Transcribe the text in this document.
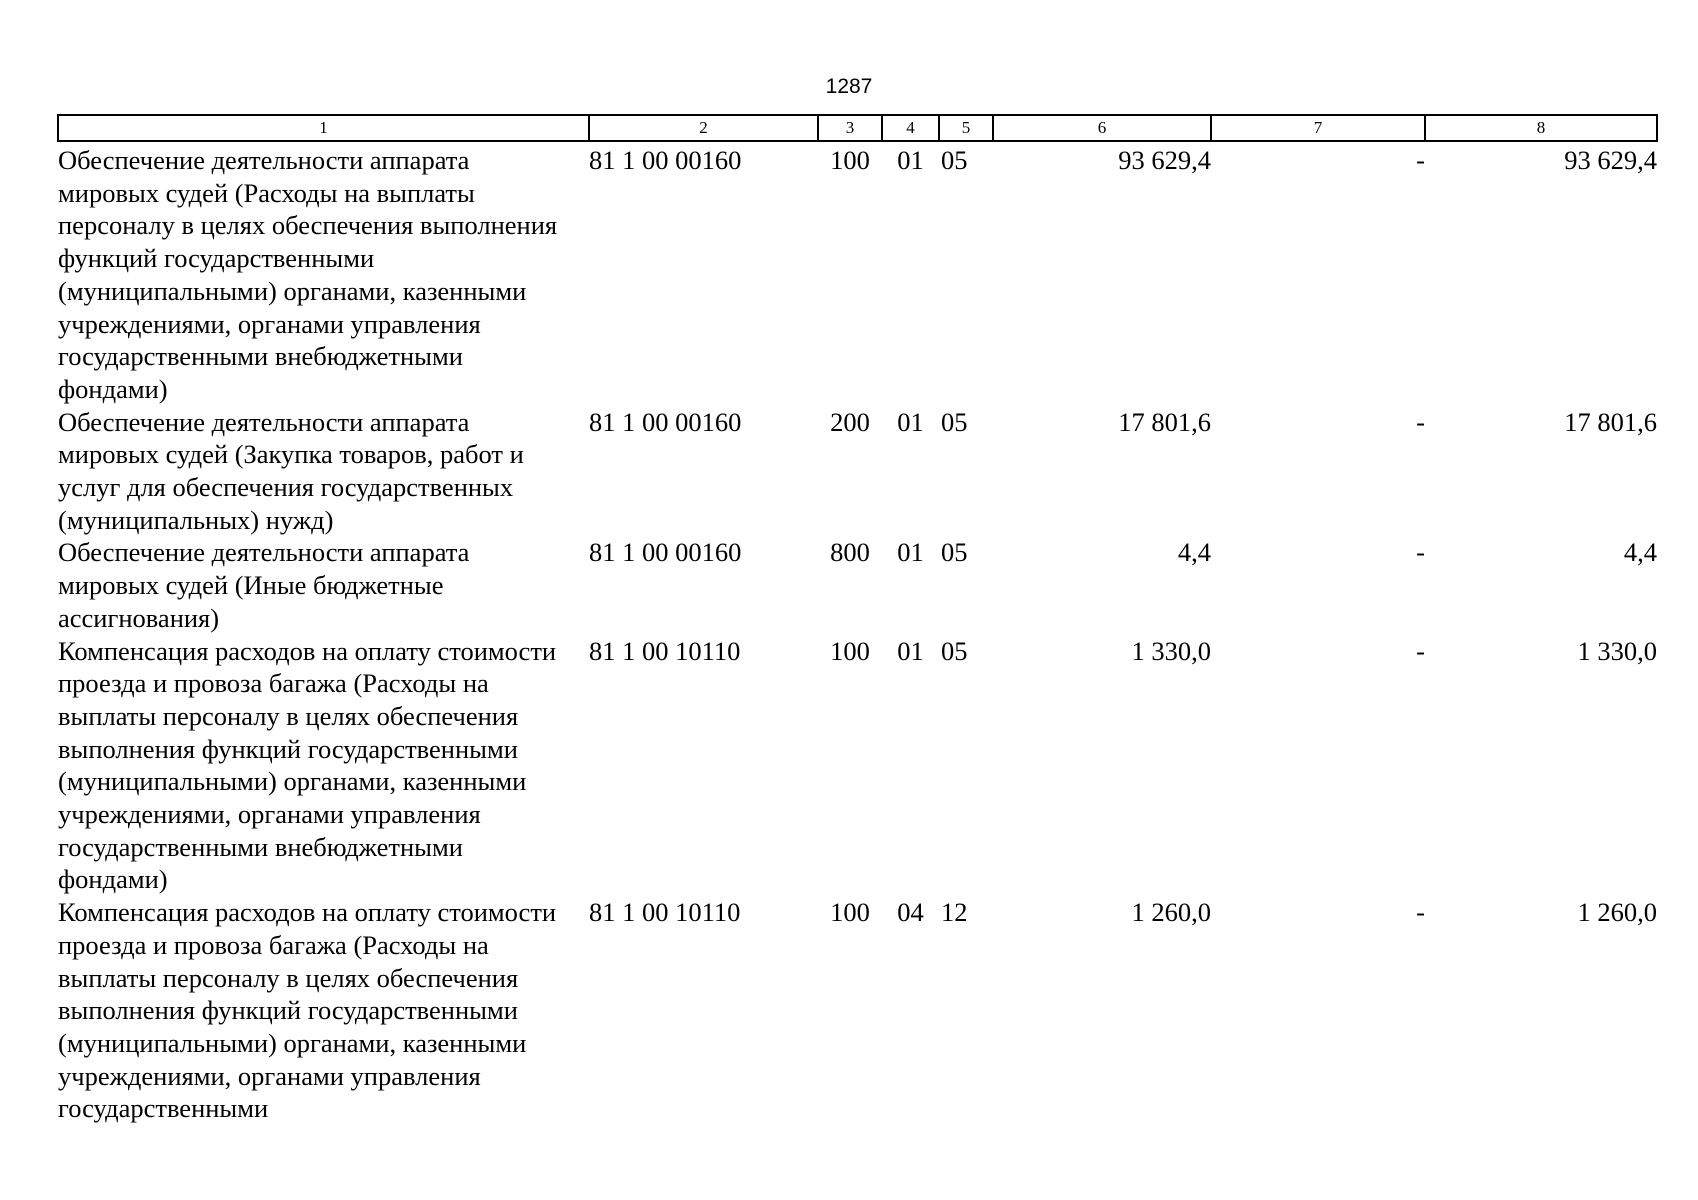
1287
1	2	3	4	5	6	7	8
Обеспечение деятельности аппарата мировых судей (Расходы на выплаты персоналу в целях обеспечения выполнения функций государственными (муниципальными) органами, казенными учреждениями, органами управления государственными внебюджетными фондами)	81 1 00 00160	100	01	05	93 629,4	-	93 629,4
Обеспечение деятельности аппарата мировых судей (Закупка товаров, работ и услуг для обеспечения государственных (муниципальных) нужд)	81 1 00 00160	200	01	05	17 801,6	-	17 801,6
Обеспечение деятельности аппарата мировых судей (Иные бюджетные ассигнования)	81 1 00 00160	800	01	05	4,4	-	4,4
Компенсация расходов на оплату стоимости проезда и провоза багажа (Расходы на выплаты персоналу в целях обеспечения выполнения функций государственными (муниципальными) органами, казенными учреждениями, органами управления государственными внебюджетными фондами)	81 1 00 10110	100	01	05	1 330,0	-	1 330,0
Компенсация расходов на оплату стоимости проезда и провоза багажа (Расходы на выплаты персоналу в целях обеспечения выполнения функций государственными (муниципальными) органами, казенными учреждениями, органами управления государственными	81 1 00 10110	100	04	12	1 260,0	-	1 260,0
